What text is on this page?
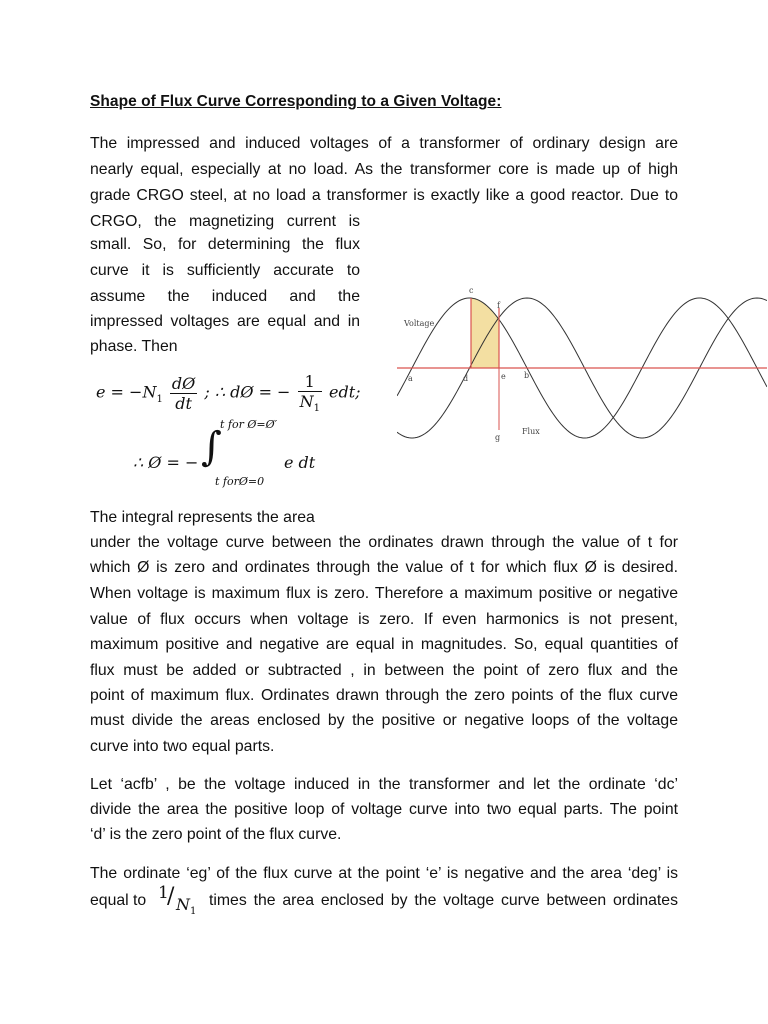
Shape of Flux Curve Corresponding to a Given Voltage:
The impressed and induced voltages of a transformer of ordinary design are
nearly equal, especially at no load. As the transformer core is made up of high
grade CRGO steel, at no load a transformer is exactly like a good reactor. Due to
CRGO, the magnetizing current is
small. So, for determining the flux
curve it is sufficiently accurate to
assume the induced and the
impressed voltages are equal and in
phase. Then
$e = -N_1 \frac{dØ}{dt}$ ; ∴ dØ = − $\frac{1}{N_1}$ edt;
∴ Ø = − ∫
t for Ø=Ø′
t forØ=0
e dt
Voltage
Flux
a
c
f
d	e b
g
The integral represents the area
under the voltage curve between the ordinates drawn through the value of t for
which Ø is zero and ordinates through the value of t for which flux Ø is desired.
When voltage is maximum flux is zero. Therefore a maximum positive or negative
value of flux occurs when voltage is zero. If even harmonics is not present,
maximum positive and negative are equal in magnitudes. So, equal quantities of
flux must be added or subtracted , in between the point of zero flux and the
point of maximum flux. Ordinates drawn through the zero points of the flux curve
must divide the areas enclosed by the positive or negative loops of the voltage
curve into two equal parts.
Let ‘acfb’ , be the voltage induced in the transformer and let the ordinate ‘dc’
divide the area the positive loop of voltage curve into two equal parts. The point
‘d’ is the zero point of the flux curve.
The ordinate ‘eg’ of the flux curve at the point ‘e’ is negative and the area ‘deg’ is
equal to 1
/ $N_1$
times the area enclosed by the voltage curve between ordinates
